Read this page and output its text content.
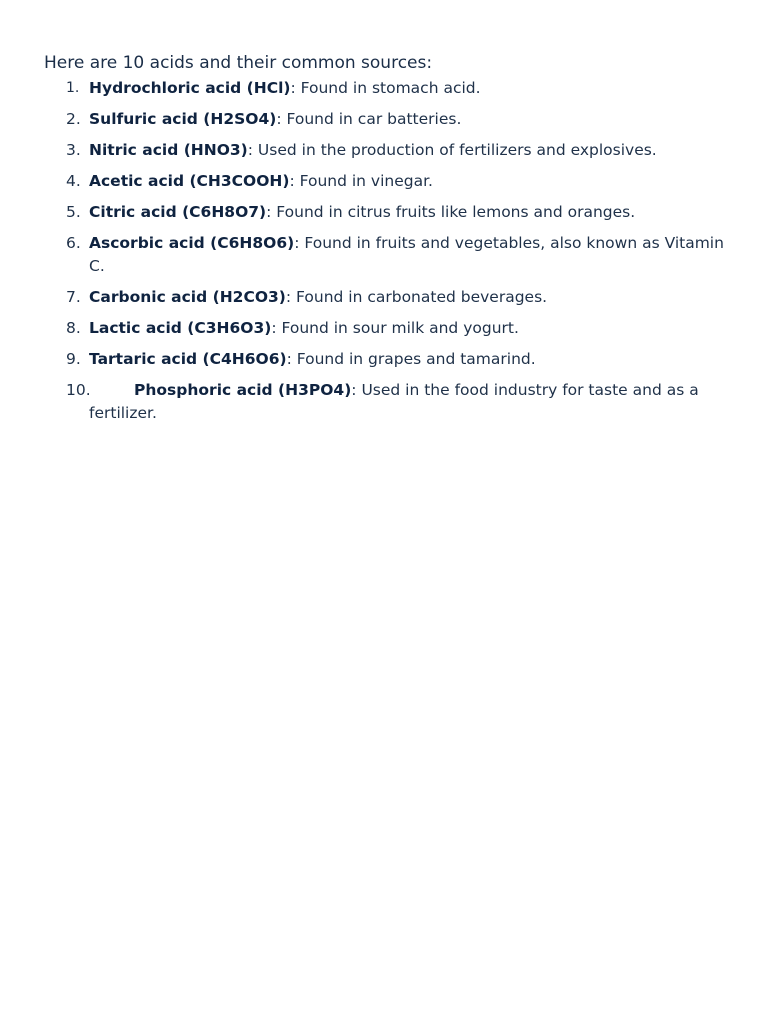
Here are 10 acids and their common sources:

1. Hydrochloric acid (HCl): Found in stomach acid.
2. Sulfuric acid (H2SO4): Found in car batteries.
3. Nitric acid (HNO3): Used in the production of fertilizers and explosives.
4. Acetic acid (CH3COOH): Found in vinegar.
5. Citric acid (C6H8O7): Found in citrus fruits like lemons and oranges.
6. Ascorbic acid (C6H8O6): Found in fruits and vegetables, also known as Vitamin C.
7. Carbonic acid (H2CO3): Found in carbonated beverages.
8. Lactic acid (C3H6O3): Found in sour milk and yogurt.
9. Tartaric acid (C4H6O6): Found in grapes and tamarind.
10.	Phosphoric acid (H3PO4): Used in the food industry for taste and as a fertilizer.
